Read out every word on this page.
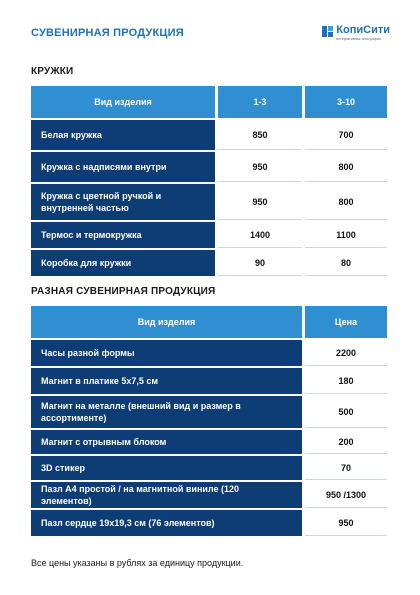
СУВЕНИРНАЯ ПРОДУКЦИЯ	КопиСити
интерактивная типография
КРУЖКИ
Вид изделия		1-3		3-10
Белая кружка		850		700
Кружка с надписями внутри		950		800
Кружка с цветной ручкой и внутренней частью		950		800
Термос и термокружка		1400		1100
Коробка для кружки		90		80
РАЗНАЯ СУВЕНИРНАЯ ПРОДУКЦИЯ
Вид изделия		Цена
Часы разной формы		2200
Магнит в платике 5х7,5 см		180
Магнит на металле (внешний вид и размер в ассортименте)		500
Магнит с отрывным блоком		200
3D стикер		70
Пазл А4 простой / на магнитной виниле (120 элементов)		950 /1300
Пазл сердце 19х19,3 см (76 элементов)		950
Все цены указаны в рублях за единицу продукции.
